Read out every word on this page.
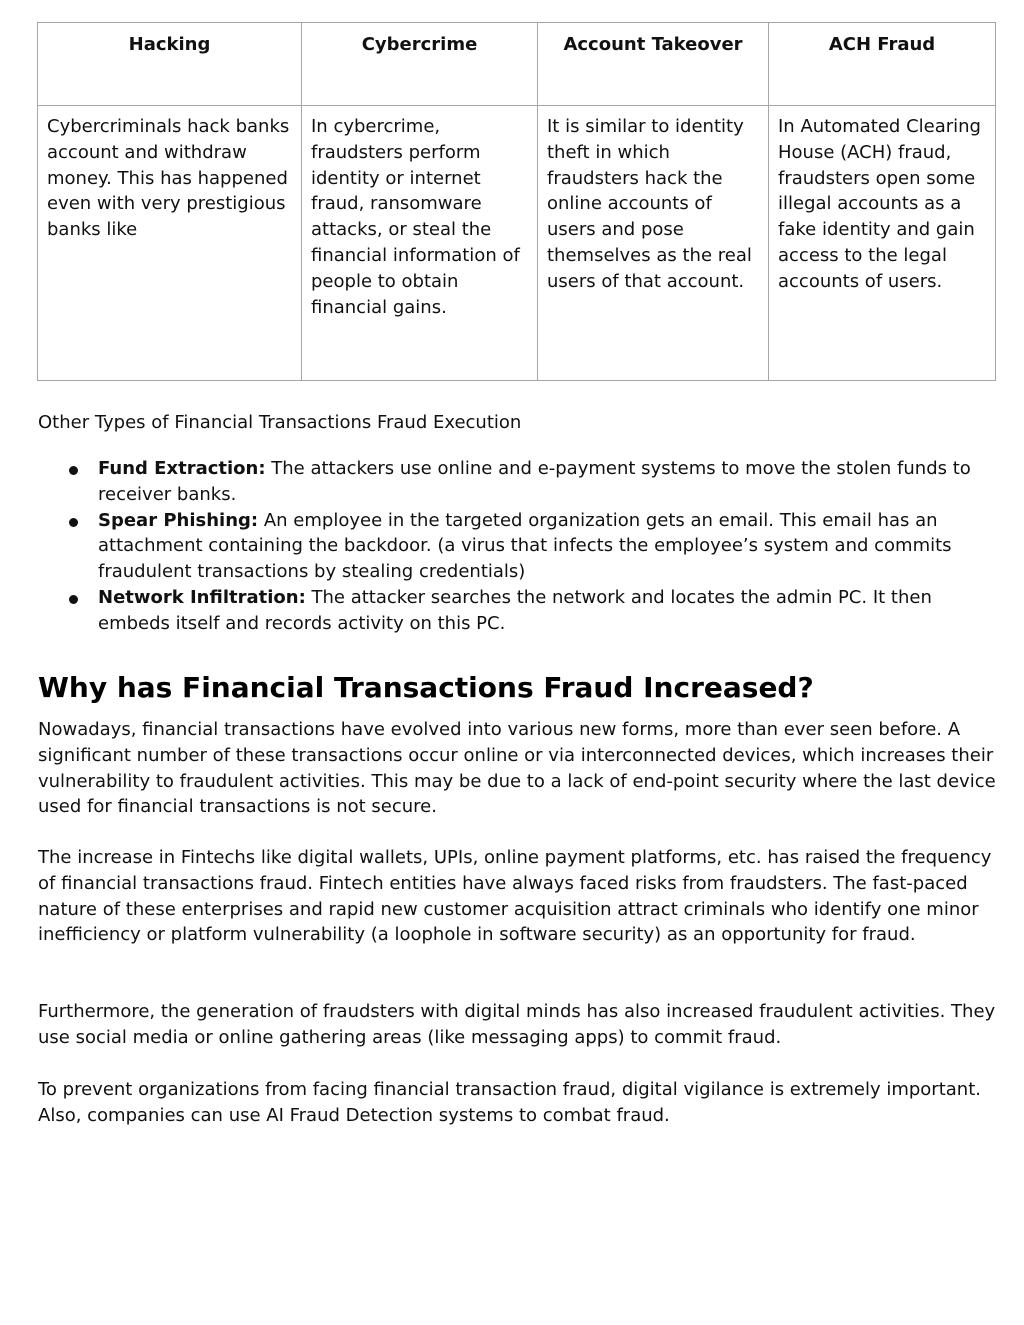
Hacking	Cybercrime	Account Takeover	ACH Fraud
Cybercriminals hack banks account and withdraw money. This has happened even with very prestigious banks like	In cybercrime, fraudsters perform identity or internet fraud, ransomware attacks, or steal the financial information of people to obtain financial gains.	It is similar to identity theft in which fraudsters hack the online accounts of users and pose themselves as the real users of that account.	In Automated Clearing House (ACH) fraud, fraudsters open some illegal accounts as a fake identity and gain access to the legal accounts of users.

Other Types of Financial Transactions Fraud Execution

Fund Extraction: The attackers use online and e-payment systems to move the stolen funds to receiver banks.
Spear Phishing: An employee in the targeted organization gets an email. This email has an attachment containing the backdoor. (a virus that infects the employee’s system and commits fraudulent transactions by stealing credentials)
Network Infiltration: The attacker searches the network and locates the admin PC. It then embeds itself and records activity on this PC.
Why has Financial Transactions Fraud Increased?

Nowadays, financial transactions have evolved into various new forms, more than ever seen before. A significant number of these transactions occur online or via interconnected devices, which increases their vulnerability to fraudulent activities. This may be due to a lack of end-point security where the last device used for financial transactions is not secure.

The increase in Fintechs like digital wallets, UPIs, online payment platforms, etc. has raised the frequency of financial transactions fraud. Fintech entities have always faced risks from fraudsters. The fast-paced nature of these enterprises and rapid new customer acquisition attract criminals who identify one minor inefficiency or platform vulnerability (a loophole in software security) as an opportunity for fraud.

Furthermore, the generation of fraudsters with digital minds has also increased fraudulent activities. They use social media or online gathering areas (like messaging apps) to commit fraud.

To prevent organizations from facing financial transaction fraud, digital vigilance is extremely important. Also, companies can use AI Fraud Detection systems to combat fraud.
